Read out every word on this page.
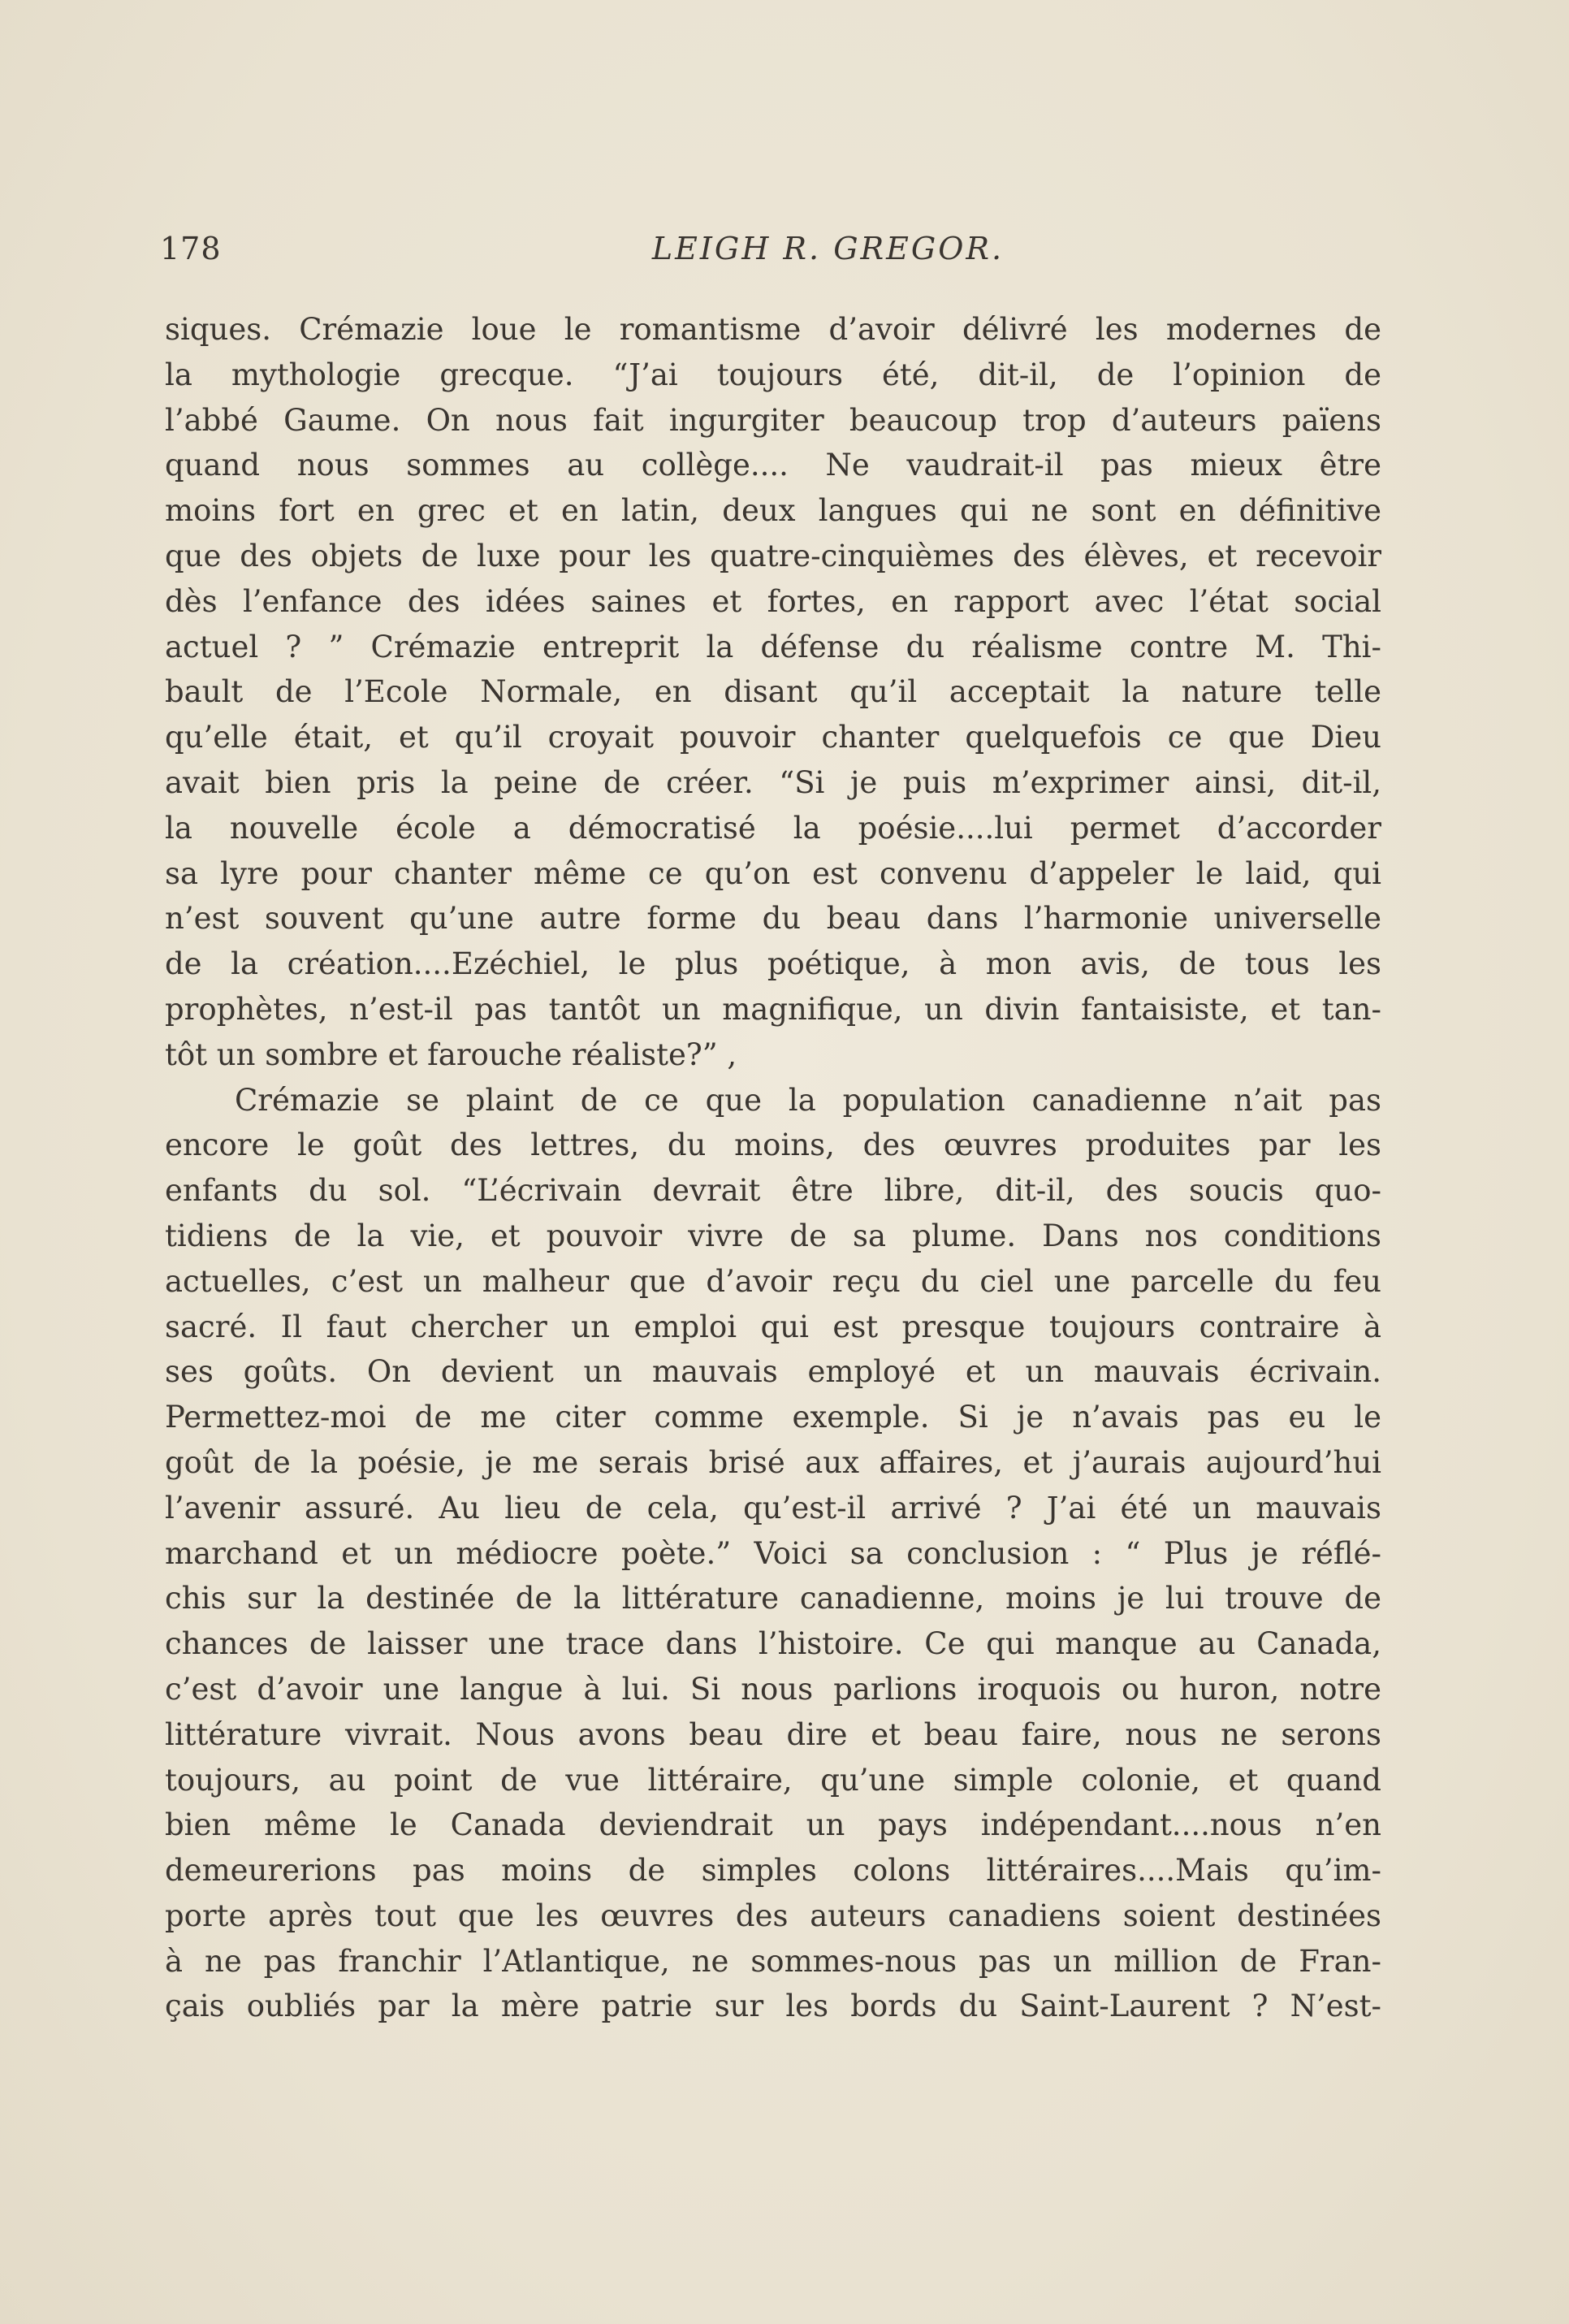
178	LEIGH R. GREGOR.
siques. Crémazie loue le romantisme d’avoir délivré les modernes de
la mythologie grecque. “J’ai toujours été, dit-il, de l’opinion de
l’abbé Gaume. On nous fait ingurgiter beaucoup trop d’auteurs païens
quand nous sommes au collège.... Ne vaudrait-il pas mieux être
moins fort en grec et en latin, deux langues qui ne sont en définitive
que des objets de luxe pour les quatre-cinquièmes des élèves, et recevoir
dès l’enfance des idées saines et fortes, en rapport avec l’état social
actuel ? ” Crémazie entreprit la défense du réalisme contre M. Thi-
bault de l’Ecole Normale, en disant qu’il acceptait la nature telle
qu’elle était, et qu’il croyait pouvoir chanter quelquefois ce que Dieu
avait bien pris la peine de créer. “Si je puis m’exprimer ainsi, dit-il,
la nouvelle école a démocratisé la poésie....lui permet d’accorder
sa lyre pour chanter même ce qu’on est convenu d’appeler le laid, qui
n’est souvent qu’une autre forme du beau dans l’harmonie universelle
de la création....Ezéchiel, le plus poétique, à mon avis, de tous les
prophètes, n’est-il pas tantôt un magnifique, un divin fantaisiste, et tan-
tôt un sombre et farouche réaliste?” ,
Crémazie se plaint de ce que la population canadienne n’ait pas
encore le goût des lettres, du moins, des œuvres produites par les
enfants du sol. “L’écrivain devrait être libre, dit-il, des soucis quo-
tidiens de la vie, et pouvoir vivre de sa plume. Dans nos conditions
actuelles, c’est un malheur que d’avoir reçu du ciel une parcelle du feu
sacré. Il faut chercher un emploi qui est presque toujours contraire à
ses goûts. On devient un mauvais employé et un mauvais écrivain.
Permettez-moi de me citer comme exemple. Si je n’avais pas eu le
goût de la poésie, je me serais brisé aux affaires, et j’aurais aujourd’hui
l’avenir assuré. Au lieu de cela, qu’est-il arrivé ? J’ai été un mauvais
marchand et un médiocre poète.” Voici sa conclusion : “ Plus je réflé-
chis sur la destinée de la littérature canadienne, moins je lui trouve de
chances de laisser une trace dans l’histoire. Ce qui manque au Canada,
c’est d’avoir une langue à lui. Si nous parlions iroquois ou huron, notre
littérature vivrait. Nous avons beau dire et beau faire, nous ne serons
toujours, au point de vue littéraire, qu’une simple colonie, et quand
bien même le Canada deviendrait un pays indépendant....nous n’en
demeurerions pas moins de simples colons littéraires....Mais qu’im-
porte après tout que les œuvres des auteurs canadiens soient destinées
à ne pas franchir l’Atlantique, ne sommes-nous pas un million de Fran-
çais oubliés par la mère patrie sur les bords du Saint-Laurent ? N’est-
